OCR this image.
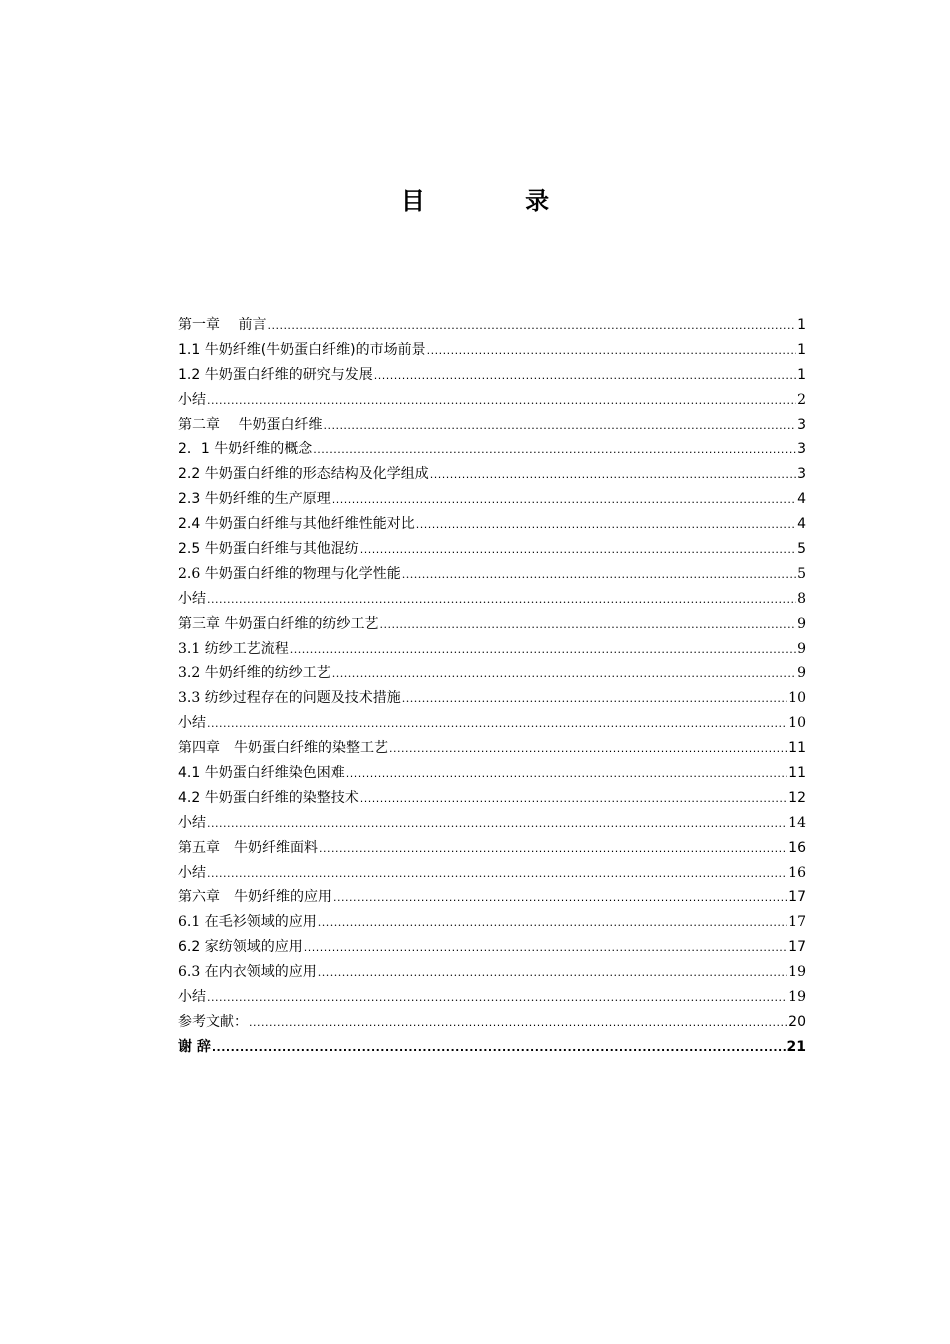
目 录
第一章　 前言 .....	1
1.1 牛奶纤维(牛奶蛋白纤维)的市场前景 .....	1
1.2 牛奶蛋白纤维的研究与发展 .....	1
小结 .....	2
第二章　 牛奶蛋白纤维 .....	3
2．1 牛奶纤维的概念 .....	3
2.2 牛奶蛋白纤维的形态结构及化学组成 .....	3
2.3 牛奶纤维的生产原理 .....	4
2.4 牛奶蛋白纤维与其他纤维性能对比 .....	4
2.5 牛奶蛋白纤维与其他混纺 .....	5
2.6 牛奶蛋白纤维的物理与化学性能 .....	5
小结 .....	8
第三章 牛奶蛋白纤维的纺纱工艺 .....	9
3.1 纺纱工艺流程 .....	9
3.2 牛奶纤维的纺纱工艺 .....	9
3.3 纺纱过程存在的问题及技术措施 .....	10
小结 .....	10
第四章　牛奶蛋白纤维的染整工艺 .....	11
4.1 牛奶蛋白纤维染色困难 .....	11
4.2 牛奶蛋白纤维的染整技术 .....	12
小结 .....	14
第五章　牛奶纤维面料 .....	16
小结 .....	16
第六章　牛奶纤维的应用 .....	17
6.1 在毛衫领域的应用 .....	17
6.2 家纺领域的应用 .....	17
6.3 在内衣领域的应用 .....	19
小结 .....	19
参考文献： .....	20
谢 辞 .....	21
